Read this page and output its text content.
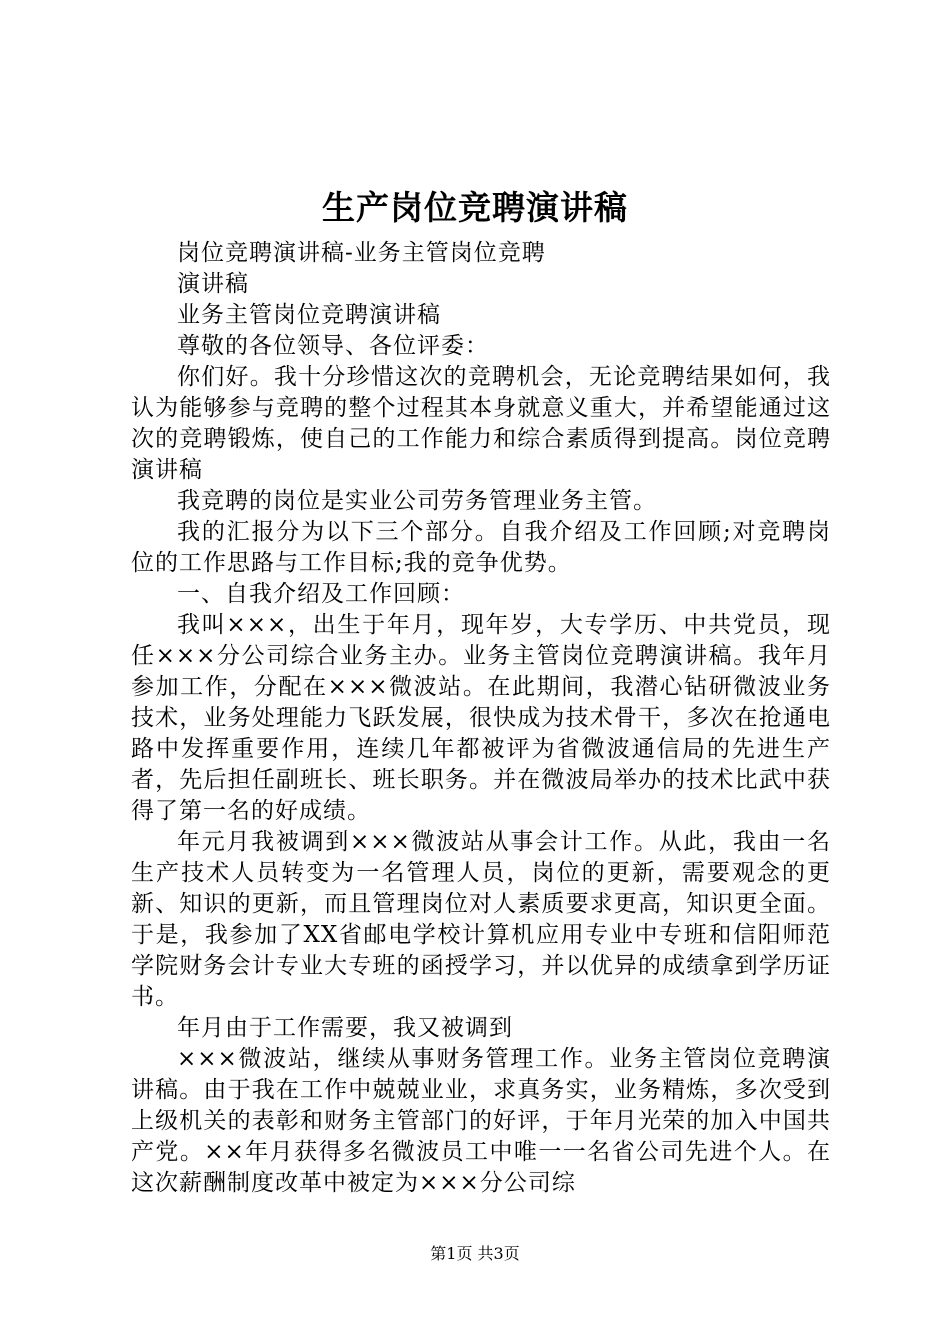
生产岗位竞聘演讲稿

岗位竞聘演讲稿-业务主管岗位竞聘

演讲稿

业务主管岗位竞聘演讲稿

尊敬的各位领导、各位评委：

你们好。我十分珍惜这次的竞聘机会，无论竞聘结果如何，我认为能够参与竞聘的整个过程其本身就意义重大，并希望能通过这次的竞聘锻炼，使自己的工作能力和综合素质得到提高。岗位竞聘演讲稿

我竞聘的岗位是实业公司劳务管理业务主管。

我的汇报分为以下三个部分。自我介绍及工作回顾;对竞聘岗位的工作思路与工作目标;我的竞争优势。

一、自我介绍及工作回顾：

我叫×××，出生于年月，现年岁，大专学历、中共党员，现任×××分公司综合业务主办。业务主管岗位竞聘演讲稿。我年月参加工作，分配在×××微波站。在此期间，我潜心钻研微波业务技术，业务处理能力飞跃发展，很快成为技术骨干，多次在抢通电路中发挥重要作用，连续几年都被评为省微波通信局的先进生产者，先后担任副班长、班长职务。并在微波局举办的技术比武中获得了第一名的好成绩。

年元月我被调到×××微波站从事会计工作。从此，我由一名生产技术人员转变为一名管理人员，岗位的更新，需要观念的更新、知识的更新，而且管理岗位对人素质要求更高，知识更全面。于是，我参加了XX省邮电学校计算机应用专业中专班和信阳师范学院财务会计专业大专班的函授学习，并以优异的成绩拿到学历证书。

年月由于工作需要，我又被调到

×××微波站，继续从事财务管理工作。业务主管岗位竞聘演讲稿。由于我在工作中兢兢业业，求真务实，业务精炼，多次受到上级机关的表彰和财务主管部门的好评，于年月光荣的加入中国共产党。××年月获得多名微波员工中唯一一名省公司先进个人。在这次薪酬制度改革中被定为×××分公司综

第1页 共3页
